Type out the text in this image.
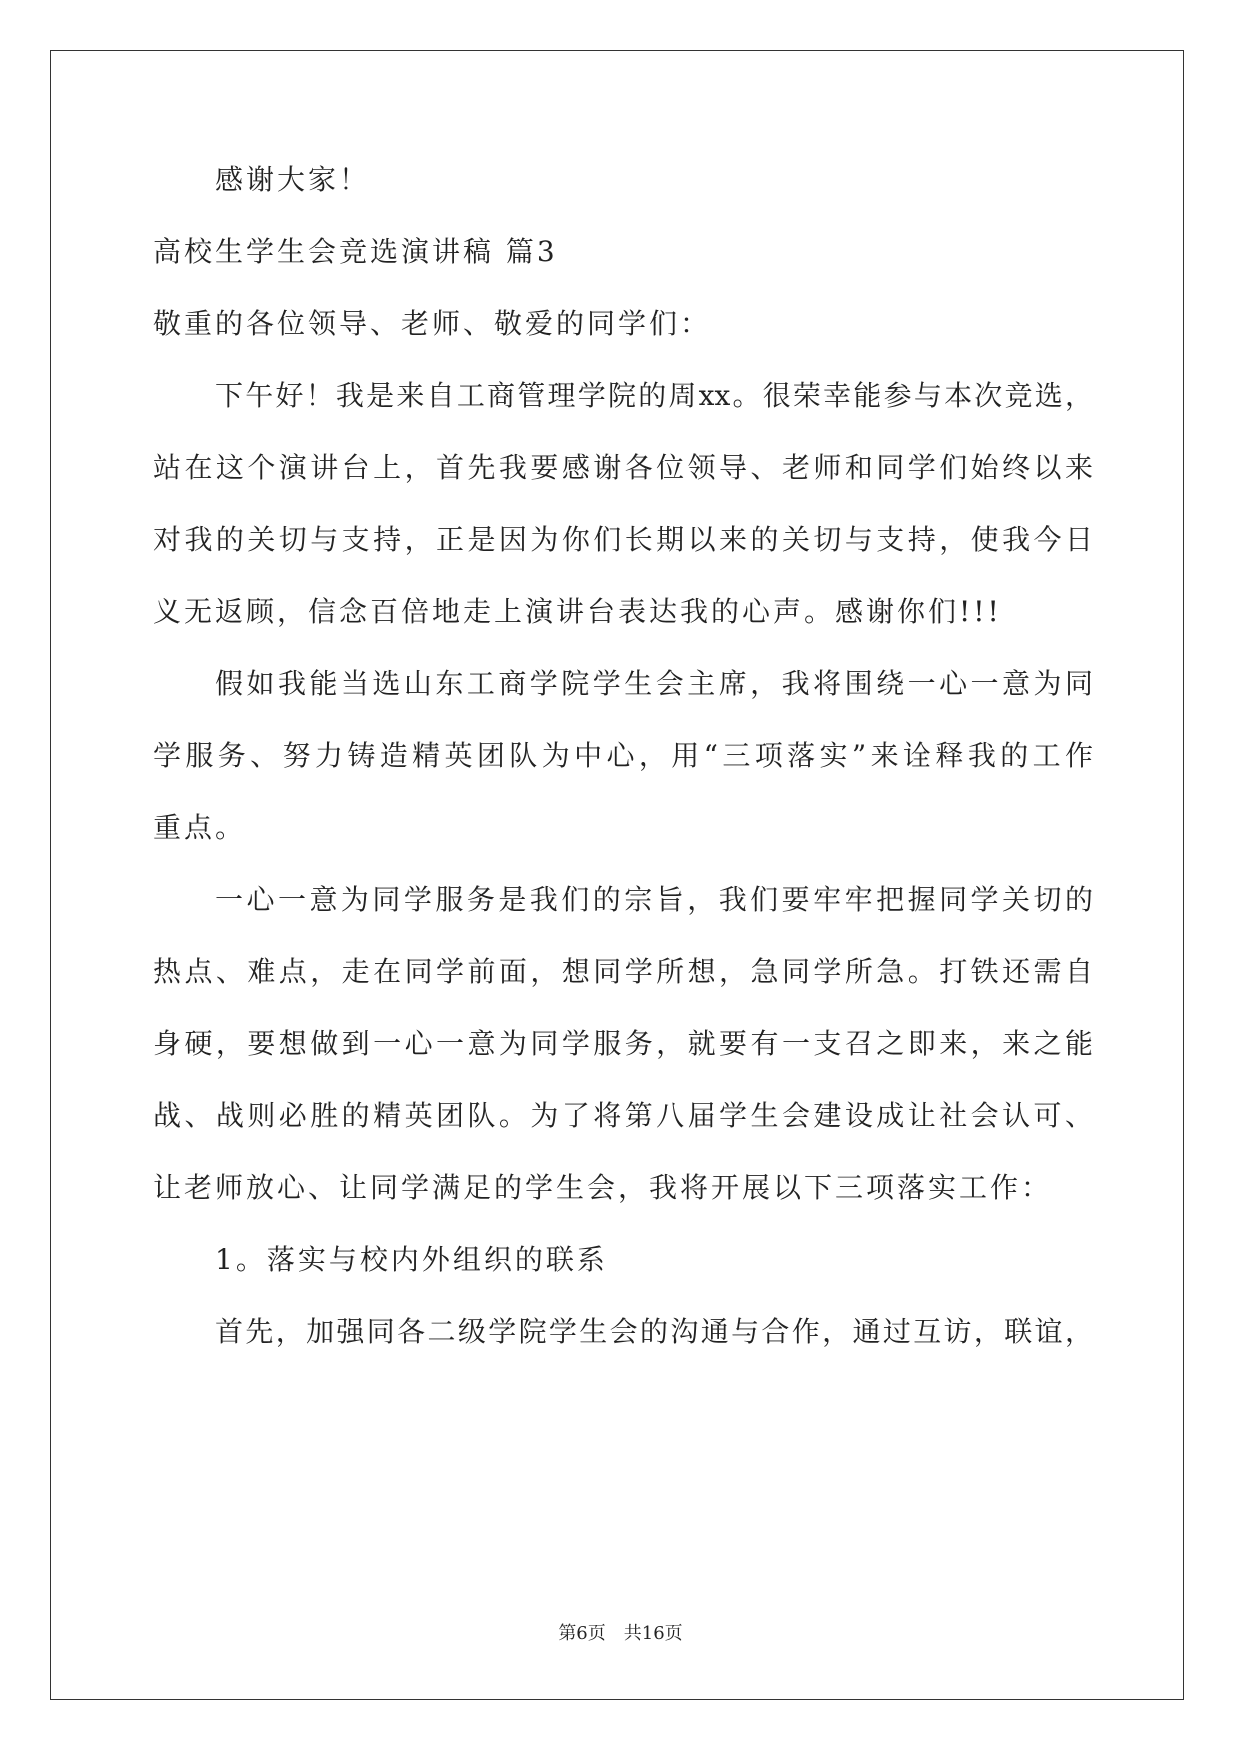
感谢大家！
高校生学生会竞选演讲稿 篇3
敬重的各位领导、老师、敬爱的同学们：
下午好！我是来自工商管理学院的周xx。很荣幸能参与本次竞选，
站在这个演讲台上，首先我要感谢各位领导、老师和同学们始终以来
对我的关切与支持，正是因为你们长期以来的关切与支持，使我今日
义无返顾，信念百倍地走上演讲台表达我的心声。感谢你们!!!
假如我能当选山东工商学院学生会主席，我将围绕一心一意为同
学服务、努力铸造精英团队为中心，用“三项落实”来诠释我的工作
重点。
一心一意为同学服务是我们的宗旨，我们要牢牢把握同学关切的
热点、难点，走在同学前面，想同学所想，急同学所急。打铁还需自
身硬，要想做到一心一意为同学服务，就要有一支召之即来，来之能
战、战则必胜的精英团队。为了将第八届学生会建设成让社会认可、
让老师放心、让同学满足的学生会，我将开展以下三项落实工作：
1。落实与校内外组织的联系
首先，加强同各二级学院学生会的沟通与合作，通过互访，联谊，
第6页　共16页
